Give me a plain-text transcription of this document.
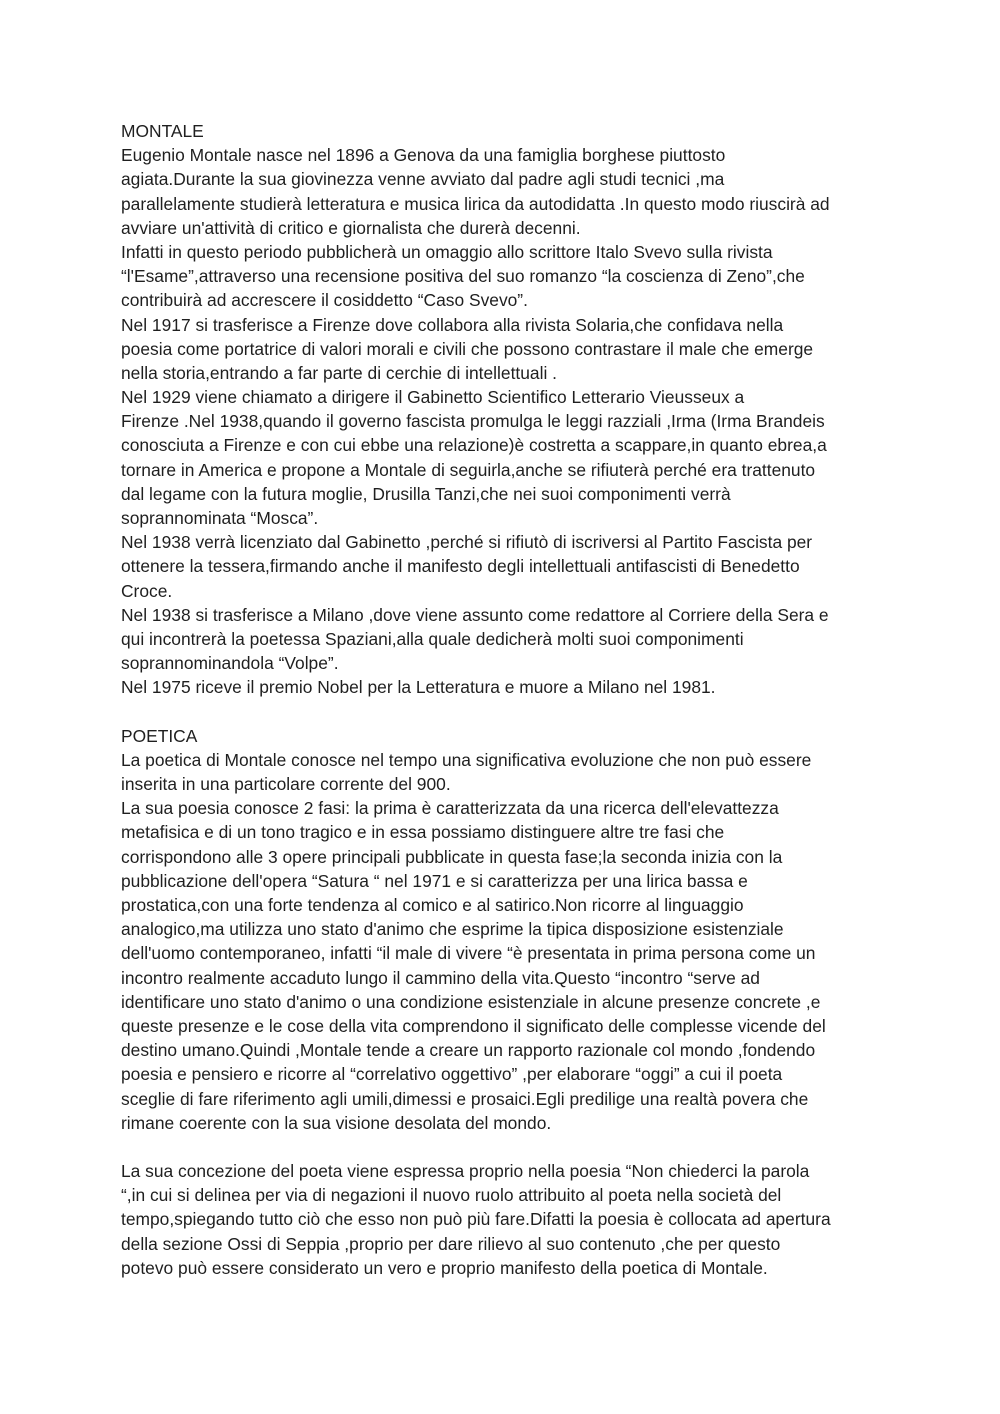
MONTALE
Eugenio Montale nasce nel 1896 a Genova da una famiglia borghese piuttosto
agiata.Durante la sua giovinezza venne avviato dal padre agli studi tecnici ,ma
parallelamente studierà letteratura e musica lirica da autodidatta .In questo modo riuscirà ad
avviare un'attività di critico e giornalista che durerà decenni.
Infatti in questo periodo pubblicherà un omaggio allo scrittore Italo Svevo sulla rivista
“l'Esame”,attraverso una recensione positiva del suo romanzo “la coscienza di Zeno”,che
contribuirà ad accrescere il cosiddetto “Caso Svevo”.
Nel 1917 si trasferisce a Firenze dove collabora alla rivista Solaria,che confidava nella
poesia come portatrice di valori morali e civili che possono contrastare il male che emerge
nella storia,entrando a far parte di cerchie di intellettuali .
Nel 1929 viene chiamato a dirigere il Gabinetto Scientifico Letterario Vieusseux a
Firenze .Nel 1938,quando il governo fascista promulga le leggi razziali ,Irma (Irma Brandeis
conosciuta a Firenze e con cui ebbe una relazione)è costretta a scappare,in quanto ebrea,a
tornare in America e propone a Montale di seguirla,anche se rifiuterà perché era trattenuto
dal legame con la futura moglie, Drusilla Tanzi,che nei suoi componimenti verrà
soprannominata “Mosca”.
Nel 1938 verrà licenziato dal Gabinetto ,perché si rifiutò di iscriversi al Partito Fascista per
ottenere la tessera,firmando anche il manifesto degli intellettuali antifascisti di Benedetto
Croce.
Nel 1938 si trasferisce a Milano ,dove viene assunto come redattore al Corriere della Sera e
qui incontrerà la poetessa Spaziani,alla quale dedicherà molti suoi componimenti
soprannominandola “Volpe”.
Nel 1975 riceve il premio Nobel per la Letteratura e muore a Milano nel 1981.
POETICA
La poetica di Montale conosce nel tempo una significativa evoluzione che non può essere
inserita in una particolare corrente del 900.
La sua poesia conosce 2 fasi: la prima è caratterizzata da una ricerca dell'elevattezza
metafisica e di un tono tragico e in essa possiamo distinguere altre tre fasi che
corrispondono alle 3 opere principali pubblicate in questa fase;la seconda inizia con la
pubblicazione dell'opera “Satura “ nel 1971 e si caratterizza per una lirica bassa e
prostatica,con una forte tendenza al comico e al satirico.Non ricorre al linguaggio
analogico,ma utilizza uno stato d'animo che esprime la tipica disposizione esistenziale
dell'uomo contemporaneo, infatti “il male di vivere “è presentata in prima persona come un
incontro realmente accaduto lungo il cammino della vita.Questo “incontro “serve ad
identificare uno stato d'animo o una condizione esistenziale in alcune presenze concrete ,e
queste presenze e le cose della vita comprendono il significato delle complesse vicende del
destino umano.Quindi ,Montale tende a creare un rapporto razionale col mondo ,fondendo
poesia e pensiero e ricorre al “correlativo oggettivo” ,per elaborare “oggi” a cui il poeta
sceglie di fare riferimento agli umili,dimessi e prosaici.Egli predilige una realtà povera che
rimane coerente con la sua visione desolata del mondo.
La sua concezione del poeta viene espressa proprio nella poesia “Non chiederci la parola
“,in cui si delinea per via di negazioni il nuovo ruolo attribuito al poeta nella società del
tempo,spiegando tutto ciò che esso non può più fare.Difatti la poesia è collocata ad apertura
della sezione Ossi di Seppia ,proprio per dare rilievo al suo contenuto ,che per questo
potevo può essere considerato un vero e proprio manifesto della poetica di Montale.
